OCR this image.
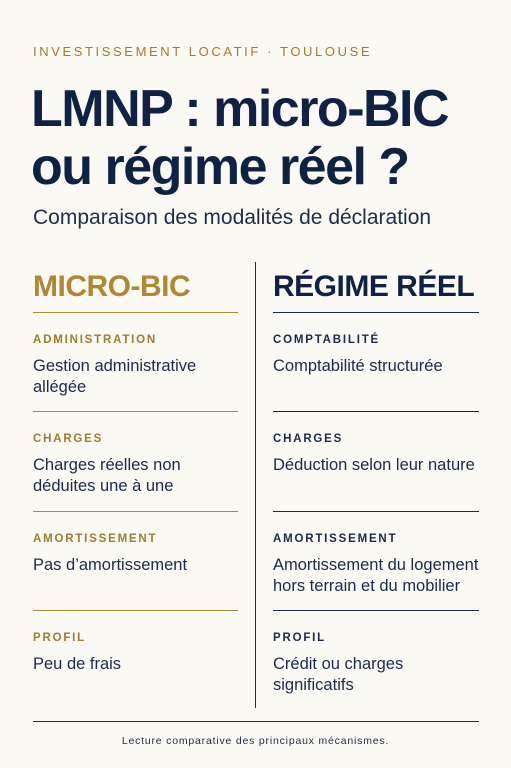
INVESTISSEMENT LOCATIF · TOULOUSE
LMNP : micro-BIC
ou régime réel ?
Comparaison des modalités de déclaration
MICRO-BIC
ADMINISTRATION
Gestion administrative allégée
CHARGES
Charges réelles non déduites une à une
AMORTISSEMENT
Pas d’amortissement
PROFIL
Peu de frais
RÉGIME RÉEL
COMPTABILITÉ
Comptabilité structurée
CHARGES
Déduction selon leur nature
AMORTISSEMENT
Amortissement du logement hors terrain et du mobilier
PROFIL
Crédit ou charges significatifs
Lecture comparative des principaux mécanismes.
